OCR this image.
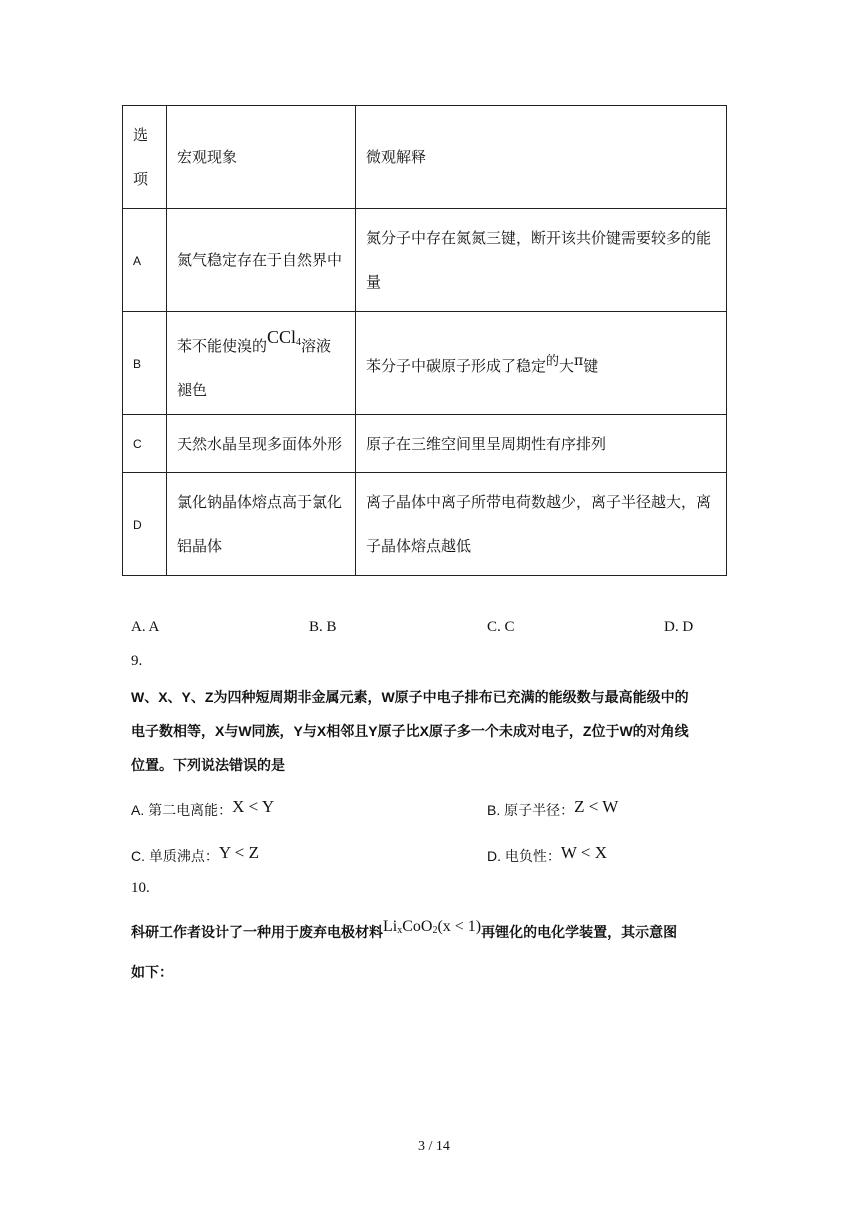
选
项	宏观现象	微观解释
A	氮气稳定存在于自然界中	氮分子中存在氮氮三键，断开该共价键需要较多的能量
B	苯不能使溴的CCl$_4$溶液褪色	苯分子中碳原子形成了稳定的大π键
C	天然水晶呈现多面体外形	原子在三维空间里呈周期性有序排列
D	氯化钠晶体熔点高于氯化铝晶体	离子晶体中离子所带电荷数越少，离子半径越大，离子晶体熔点越低
A. A	B. B	C. C	D. D
9.
W、X、Y、Z为四种短周期非金属元素，W原子中电子排布已充满的能级数与最高能级中的
电子数相等，X与W同族，Y与X相邻且Y原子比X原子多一个未成对电子，Z位于W的对角线
位置。下列说法错误的是
A. 第二电离能：X < Y	B. 原子半径：Z < W
C. 单质沸点：Y < Z	D. 电负性：W < X
10.
科研工作者设计了一种用于废弃电极材料$Li_xCoO_2(x < 1)$再锂化的电化学装置，其示意图
如下：
3 / 14
